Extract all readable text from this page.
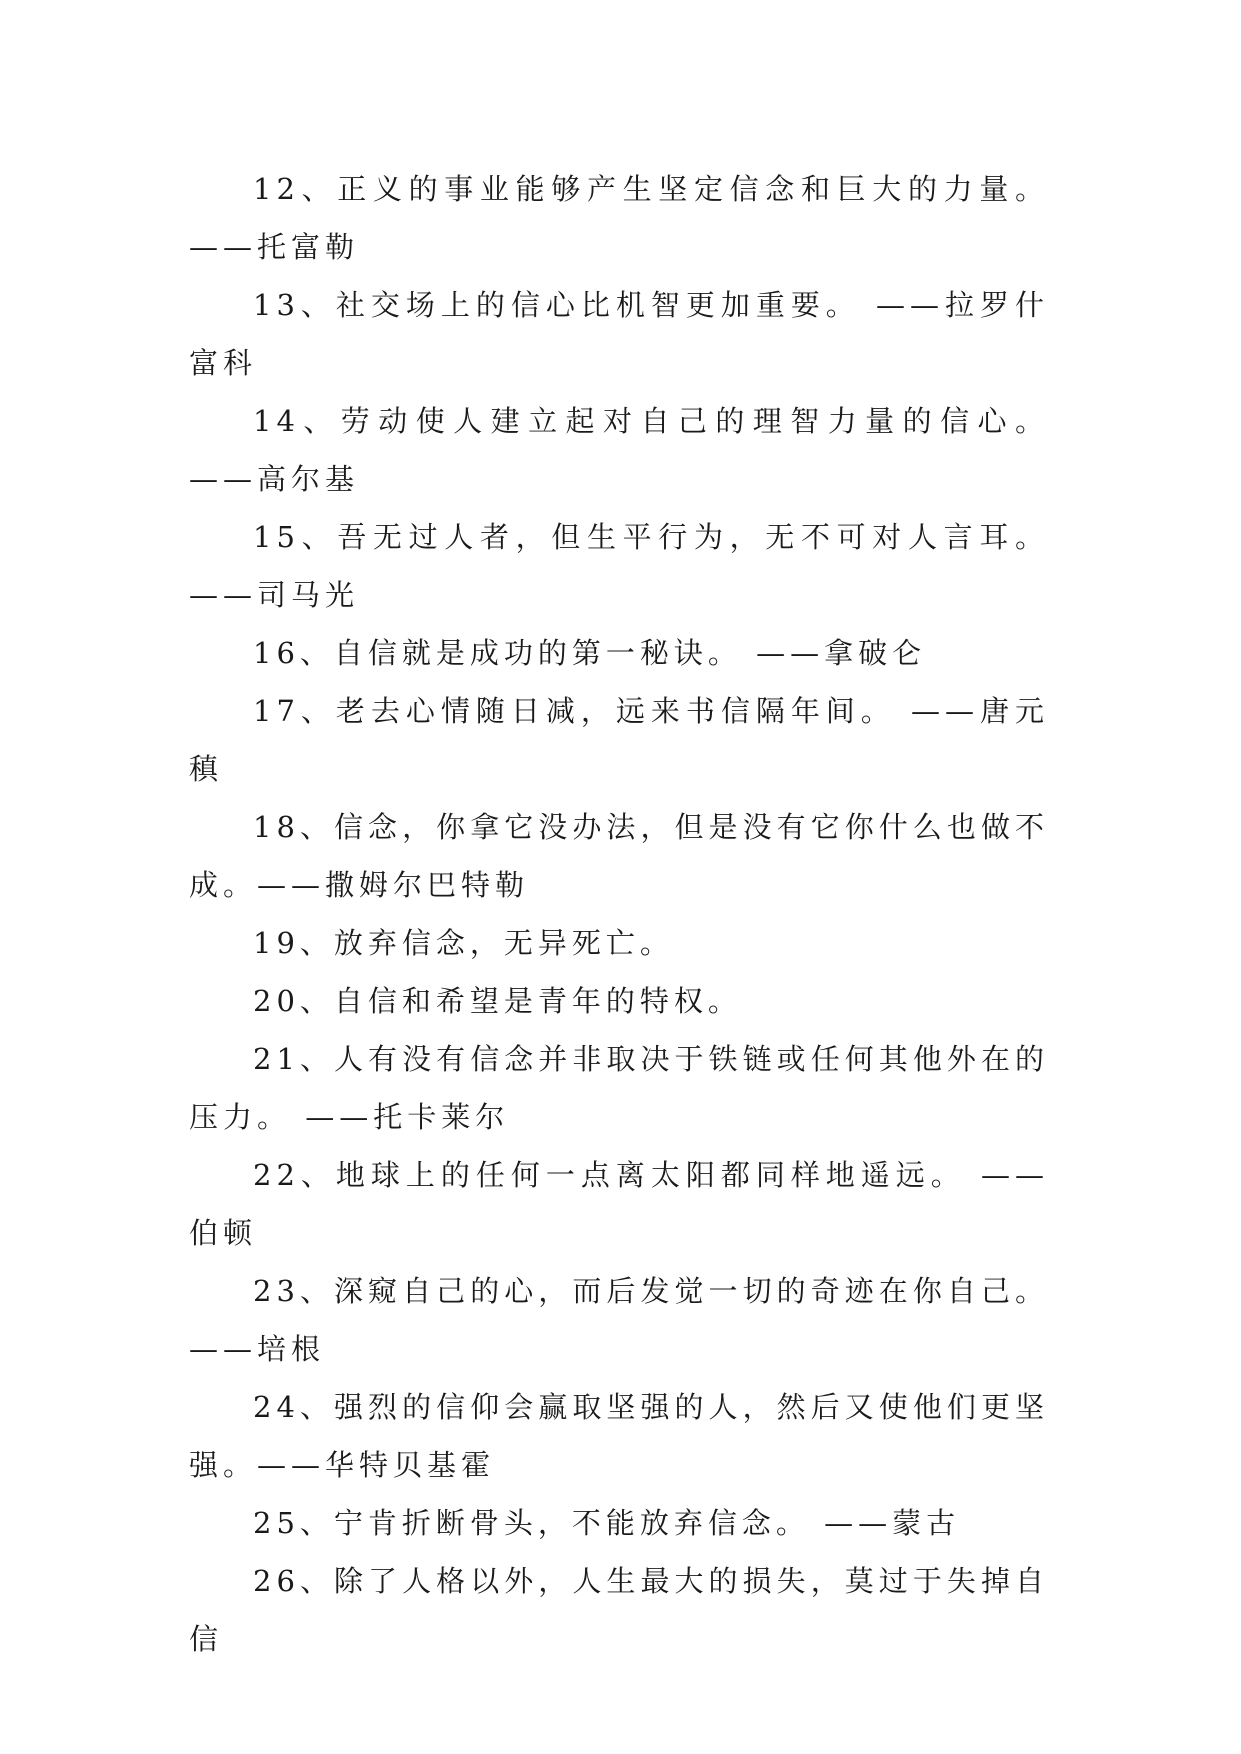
12、正义的事业能够产生坚定信念和巨大的力量。——托富勒

13、社交场上的信心比机智更加重要。 ——拉罗什富科

14、劳动使人建立起对自己的理智力量的信心。 ——高尔基

15、吾无过人者，但生平行为，无不可对人言耳。 ——司马光

16、自信就是成功的第一秘诀。 ——拿破仑

17、老去心情随日减，远来书信隔年间。 ——唐元稹

18、信念，你拿它没办法，但是没有它你什么也做不成。——撒姆尔巴特勒

19、放弃信念，无异死亡。

20、自信和希望是青年的特权。

21、人有没有信念并非取决于铁链或任何其他外在的压力。 ——托卡莱尔

22、地球上的任何一点离太阳都同样地遥远。 ——伯顿

23、深窥自己的心，而后发觉一切的奇迹在你自己。——培根

24、强烈的信仰会赢取坚强的人，然后又使他们更坚强。——华特贝基霍

25、宁肯折断骨头，不能放弃信念。 ——蒙古

26、除了人格以外，人生最大的损失，莫过于失掉自信
